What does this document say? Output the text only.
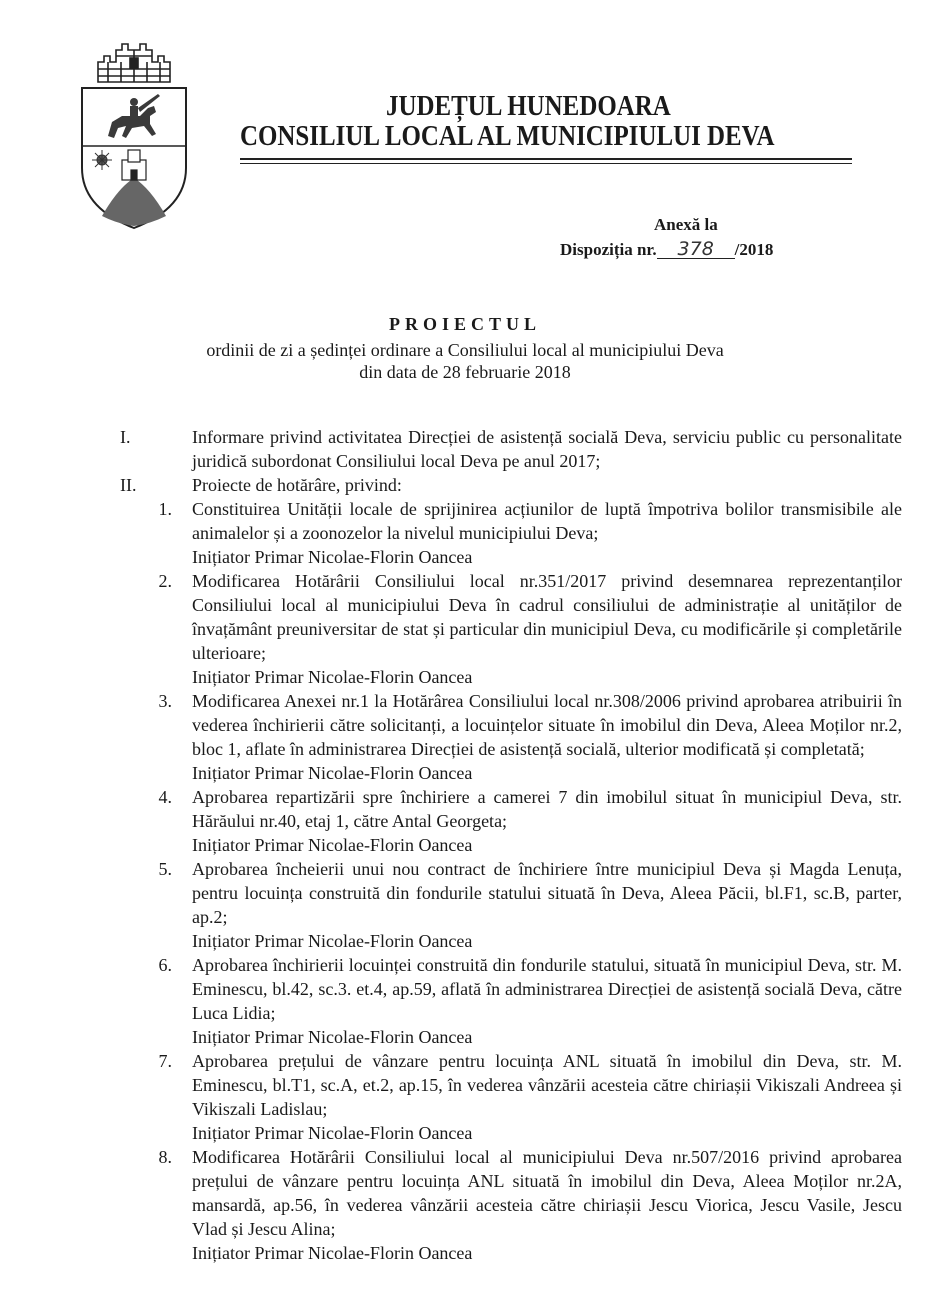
JUDEȚUL HUNEDOARA
CONSILIUL LOCAL AL MUNICIPIULUI DEVA
Anexă la
Dispoziția nr. 378 /2018
PROIECTUL
ordinii de zi a ședinței ordinare a Consiliului local al municipiului Deva
din data de 28 februarie 2018
I.	Informare privind activitatea Direcției de asistență socială Deva, serviciu public cu personalitate juridică subordonat Consiliului local Deva pe anul 2017;
II.	Proiecte de hotărâre, privind:
1.	Constituirea Unității locale de sprijinirea acțiunilor de luptă împotriva bolilor transmisibile ale animalelor și a zoonozelor la nivelul municipiului Deva;
Inițiator Primar Nicolae-Florin Oancea
2.	Modificarea Hotărârii Consiliului local nr.351/2017 privind desemnarea reprezentanților Consiliului local al municipiului Deva în cadrul consiliului de administrație al unităților de învațământ preuniversitar de stat și particular din municipiul Deva, cu modificările și completările ulterioare;
Inițiator Primar Nicolae-Florin Oancea
3.	Modificarea Anexei nr.1 la Hotărârea Consiliului local nr.308/2006 privind aprobarea atribuirii în vederea închirierii către solicitanți, a locuințelor situate în imobilul din Deva, Aleea Moților nr.2, bloc 1, aflate în administrarea Direcției de asistență socială, ulterior modificată și completată;
Inițiator Primar Nicolae-Florin Oancea
4.	Aprobarea repartizării spre închiriere a camerei 7 din imobilul situat în municipiul Deva, str. Hărăului nr.40, etaj 1, către Antal Georgeta;
Inițiator Primar Nicolae-Florin Oancea
5.	Aprobarea încheierii unui nou contract de închiriere între municipiul Deva și Magda Lenuța, pentru locuința construită din fondurile statului situată în Deva, Aleea Păcii, bl.F1, sc.B, parter, ap.2;
Inițiator Primar Nicolae-Florin Oancea
6.	Aprobarea închirierii locuinței construită din fondurile statului, situată în municipiul Deva, str. M. Eminescu, bl.42, sc.3. et.4, ap.59, aflată în administrarea Direcției de asistență socială Deva, către Luca Lidia;
Inițiator Primar Nicolae-Florin Oancea
7.	Aprobarea prețului de vânzare pentru locuința ANL situată în imobilul din Deva, str. M. Eminescu, bl.T1, sc.A, et.2, ap.15, în vederea vânzării acesteia către chiriașii Vikiszali Andreea și Vikiszali Ladislau;
Inițiator Primar Nicolae-Florin Oancea
8.	Modificarea Hotărârii Consiliului local al municipiului Deva nr.507/2016 privind aprobarea prețului de vânzare pentru locuința ANL situată în imobilul din Deva, Aleea Moților nr.2A, mansardă, ap.56, în vederea vânzării acesteia către chiriașii Jescu Viorica, Jescu Vasile, Jescu Vlad și Jescu Alina;
Inițiator Primar Nicolae-Florin Oancea
